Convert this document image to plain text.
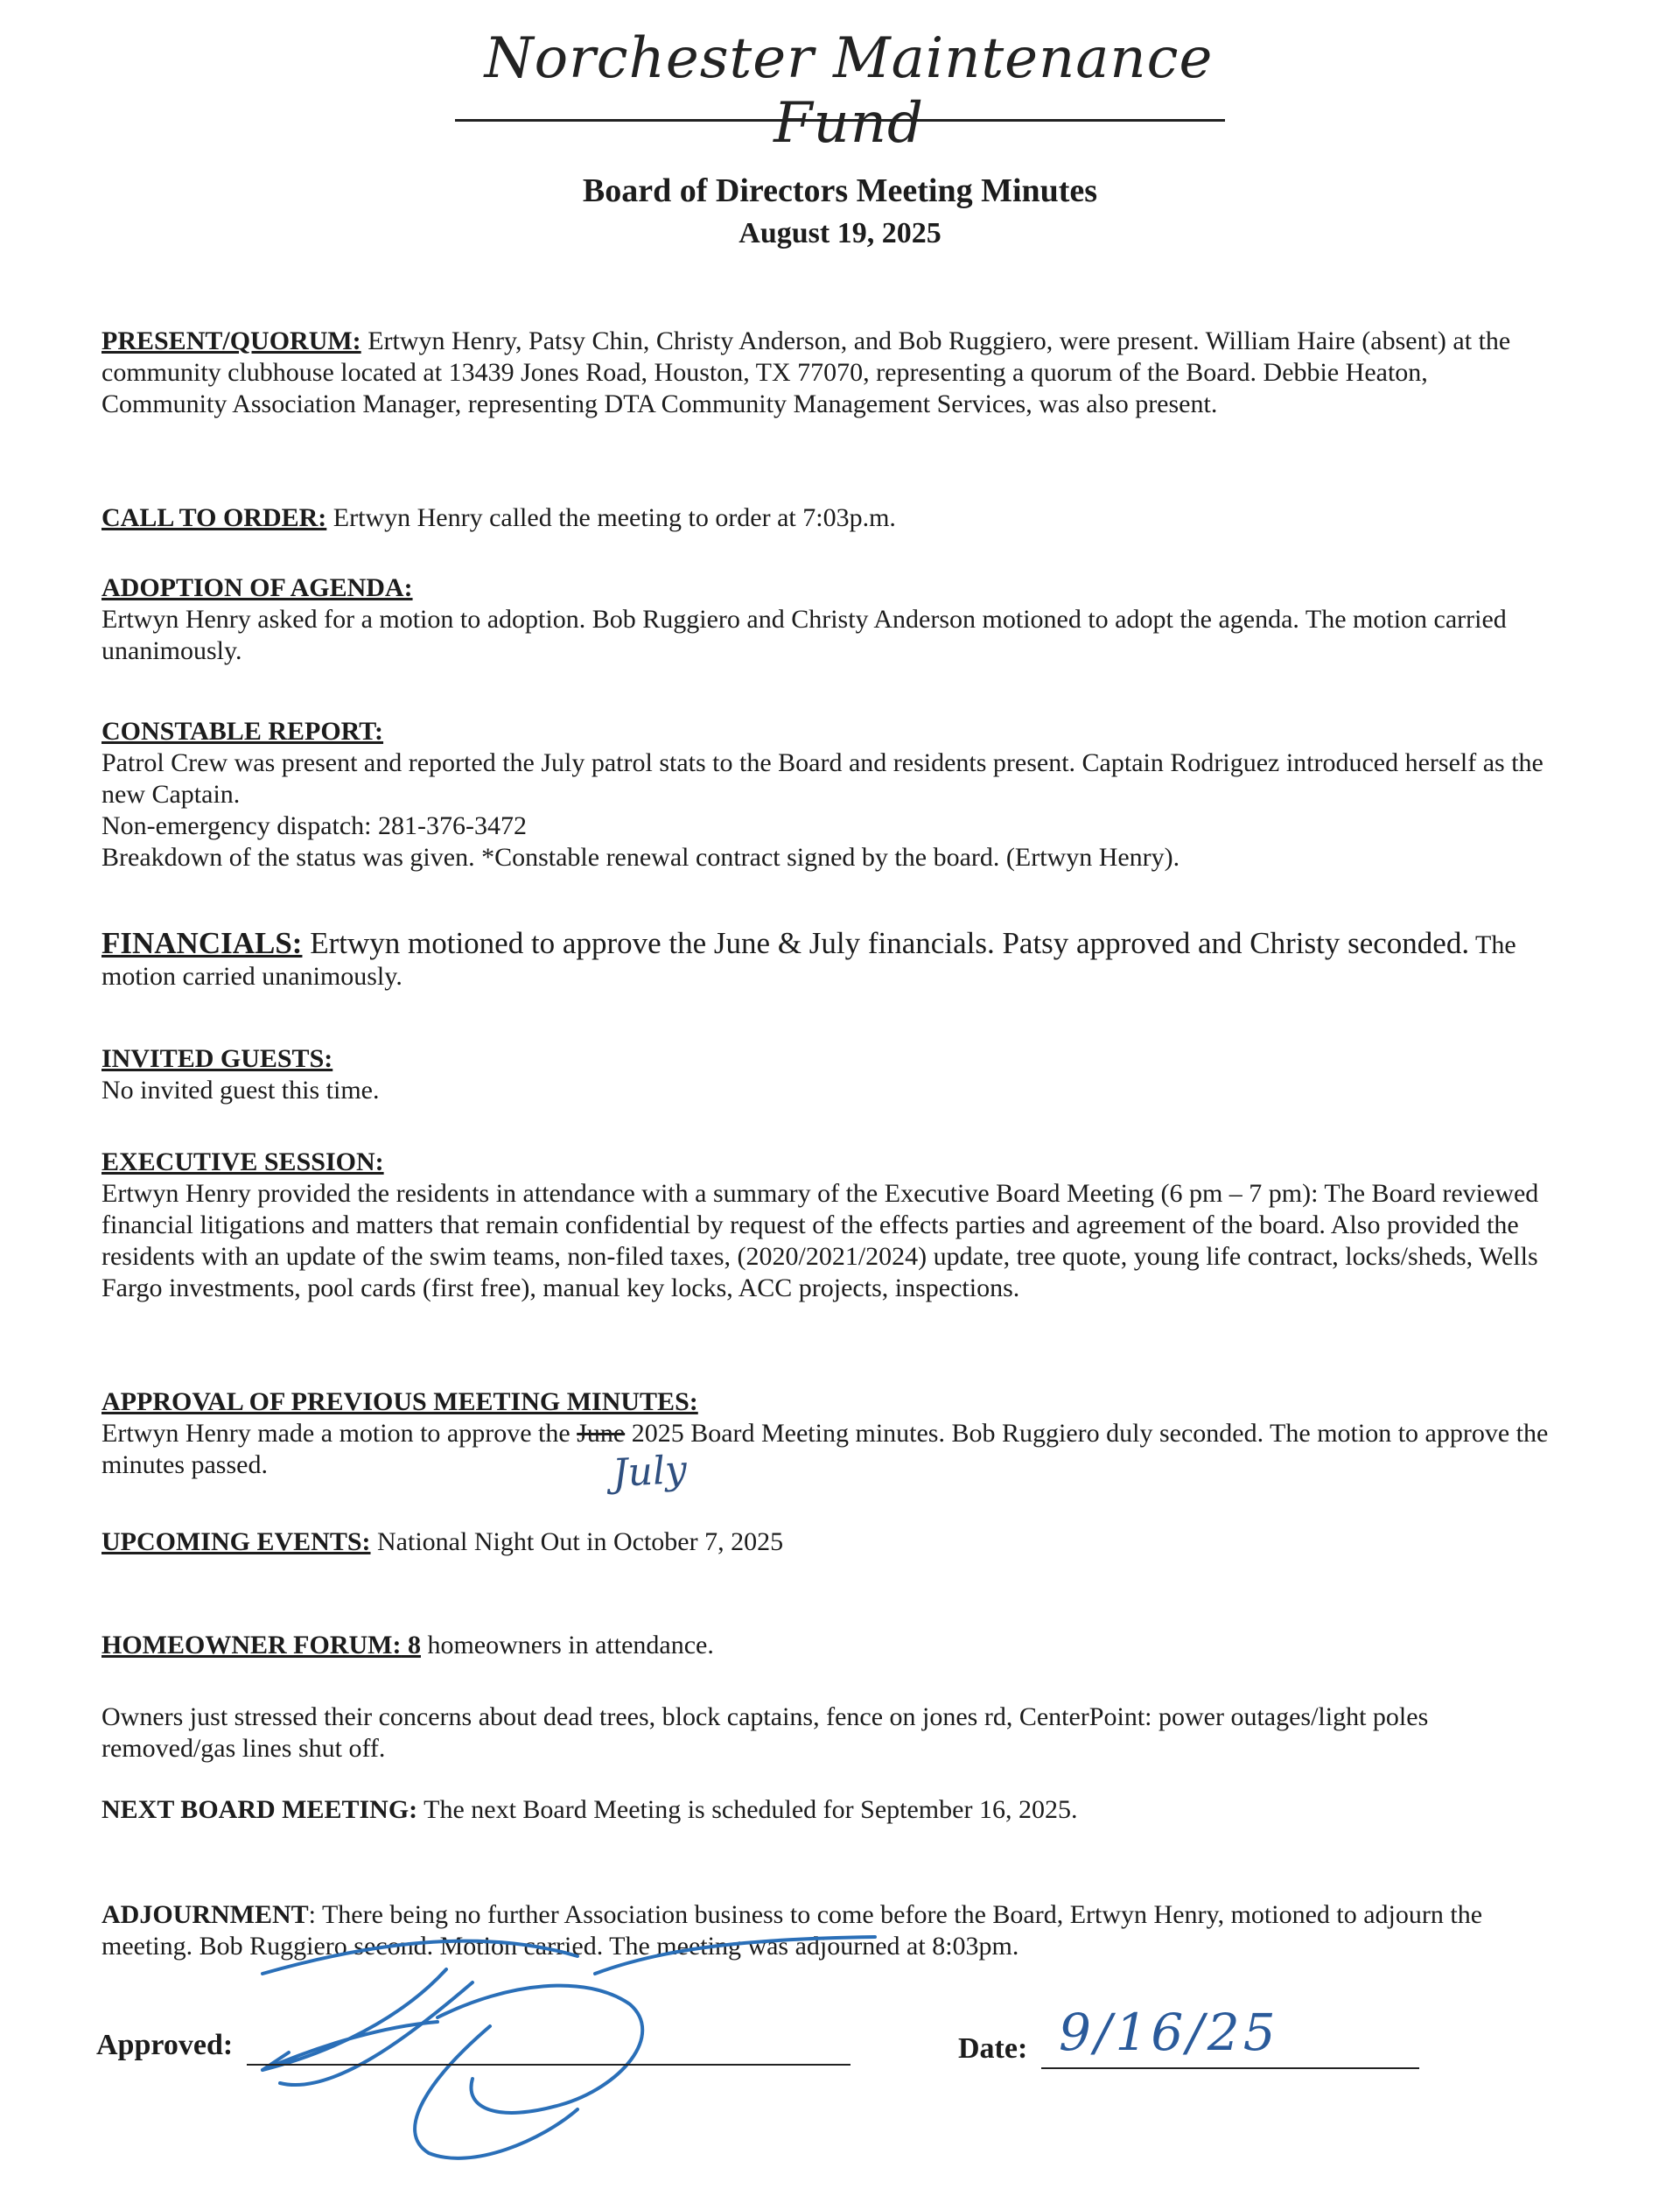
Norchester Maintenance Fund
Board of Directors Meeting Minutes
August 19, 2025
PRESENT/QUORUM: Ertwyn Henry, Patsy Chin, Christy Anderson, and Bob Ruggiero, were present. William Haire (absent) at the community clubhouse located at 13439 Jones Road, Houston, TX 77070, representing a quorum of the Board. Debbie Heaton, Community Association Manager, representing DTA Community Management Services, was also present.
CALL TO ORDER: Ertwyn Henry called the meeting to order at 7:03p.m.
ADOPTION OF AGENDA:
Ertwyn Henry asked for a motion to adoption. Bob Ruggiero and Christy Anderson motioned to adopt the agenda. The motion carried unanimously.
CONSTABLE REPORT:
Patrol Crew was present and reported the July patrol stats to the Board and residents present. Captain Rodriguez introduced herself as the new Captain.
Non-emergency dispatch: 281-376-3472
Breakdown of the status was given. *Constable renewal contract signed by the board. (Ertwyn Henry).
FINANCIALS: Ertwyn motioned to approve the June & July financials. Patsy approved and Christy seconded. The motion carried unanimously.
INVITED GUESTS:
No invited guest this time.
EXECUTIVE SESSION:
Ertwyn Henry provided the residents in attendance with a summary of the Executive Board Meeting (6 pm – 7 pm): The Board reviewed financial litigations and matters that remain confidential by request of the effects parties and agreement of the board. Also provided the residents with an update of the swim teams, non-filed taxes, (2020/2021/2024) update, tree quote, young life contract, locks/sheds, Wells Fargo investments, pool cards (first free), manual key locks, ACC projects, inspections.
APPROVAL OF PREVIOUS MEETING MINUTES:
Ertwyn Henry made a motion to approve the June 2025 Board Meeting minutes. Bob Ruggiero duly seconded. The motion to approve the minutes passed.	July
UPCOMING EVENTS: National Night Out in October 7, 2025
HOMEOWNER FORUM: 8 homeowners in attendance.
Owners just stressed their concerns about dead trees, block captains, fence on jones rd, CenterPoint: power outages/light poles removed/gas lines shut off.
NEXT BOARD MEETING: The next Board Meeting is scheduled for September 16, 2025.
ADJOURNMENT: There being no further Association business to come before the Board, Ertwyn Henry, motioned to adjourn the meeting. Bob Ruggiero second. Motion carried. The meeting was adjourned at 8:03pm.
Approved:	Date: 9/16/25
